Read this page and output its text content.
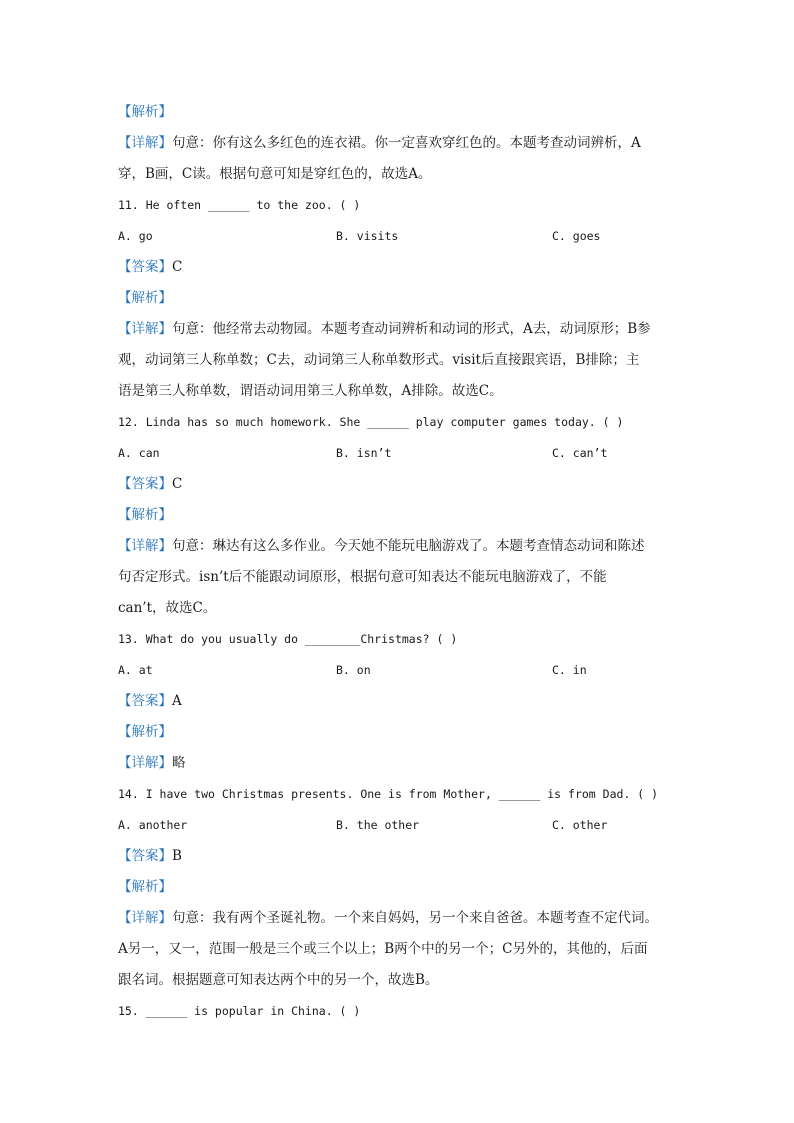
【解析】
【详解】句意：你有这么多红色的连衣裙。你一定喜欢穿红色的。本题考查动词辨析，A
穿，B画，C读。根据句意可知是穿红色的，故选A。
11. He often ______ to the zoo. ( )
A. go	B. visits	C. goes
【答案】C
【解析】
【详解】句意：他经常去动物园。本题考查动词辨析和动词的形式，A去，动词原形；B参
观，动词第三人称单数；C去，动词第三人称单数形式。visit后直接跟宾语，B排除；主
语是第三人称单数，谓语动词用第三人称单数，A排除。故选C。
12. Linda has so much homework. She ______ play computer games today. ( )
A. can	B. isn’t	C. can’t
【答案】C
【解析】
【详解】句意：琳达有这么多作业。今天她不能玩电脑游戏了。本题考查情态动词和陈述
句否定形式。isn’t后不能跟动词原形，根据句意可知表达不能玩电脑游戏了，不能
can’t，故选C。
13. What do you usually do ________Christmas? ( )
A. at	B. on	C. in
【答案】A
【解析】
【详解】略
14. I have two Christmas presents. One is from Mother, ______ is from Dad. ( )
A. another	B. the other	C. other
【答案】B
【解析】
【详解】句意：我有两个圣诞礼物。一个来自妈妈，另一个来自爸爸。本题考查不定代词。
A另一，又一，范围一般是三个或三个以上；B两个中的另一个；C另外的，其他的，后面
跟名词。根据题意可知表达两个中的另一个，故选B。
15. ______ is popular in China. ( )
